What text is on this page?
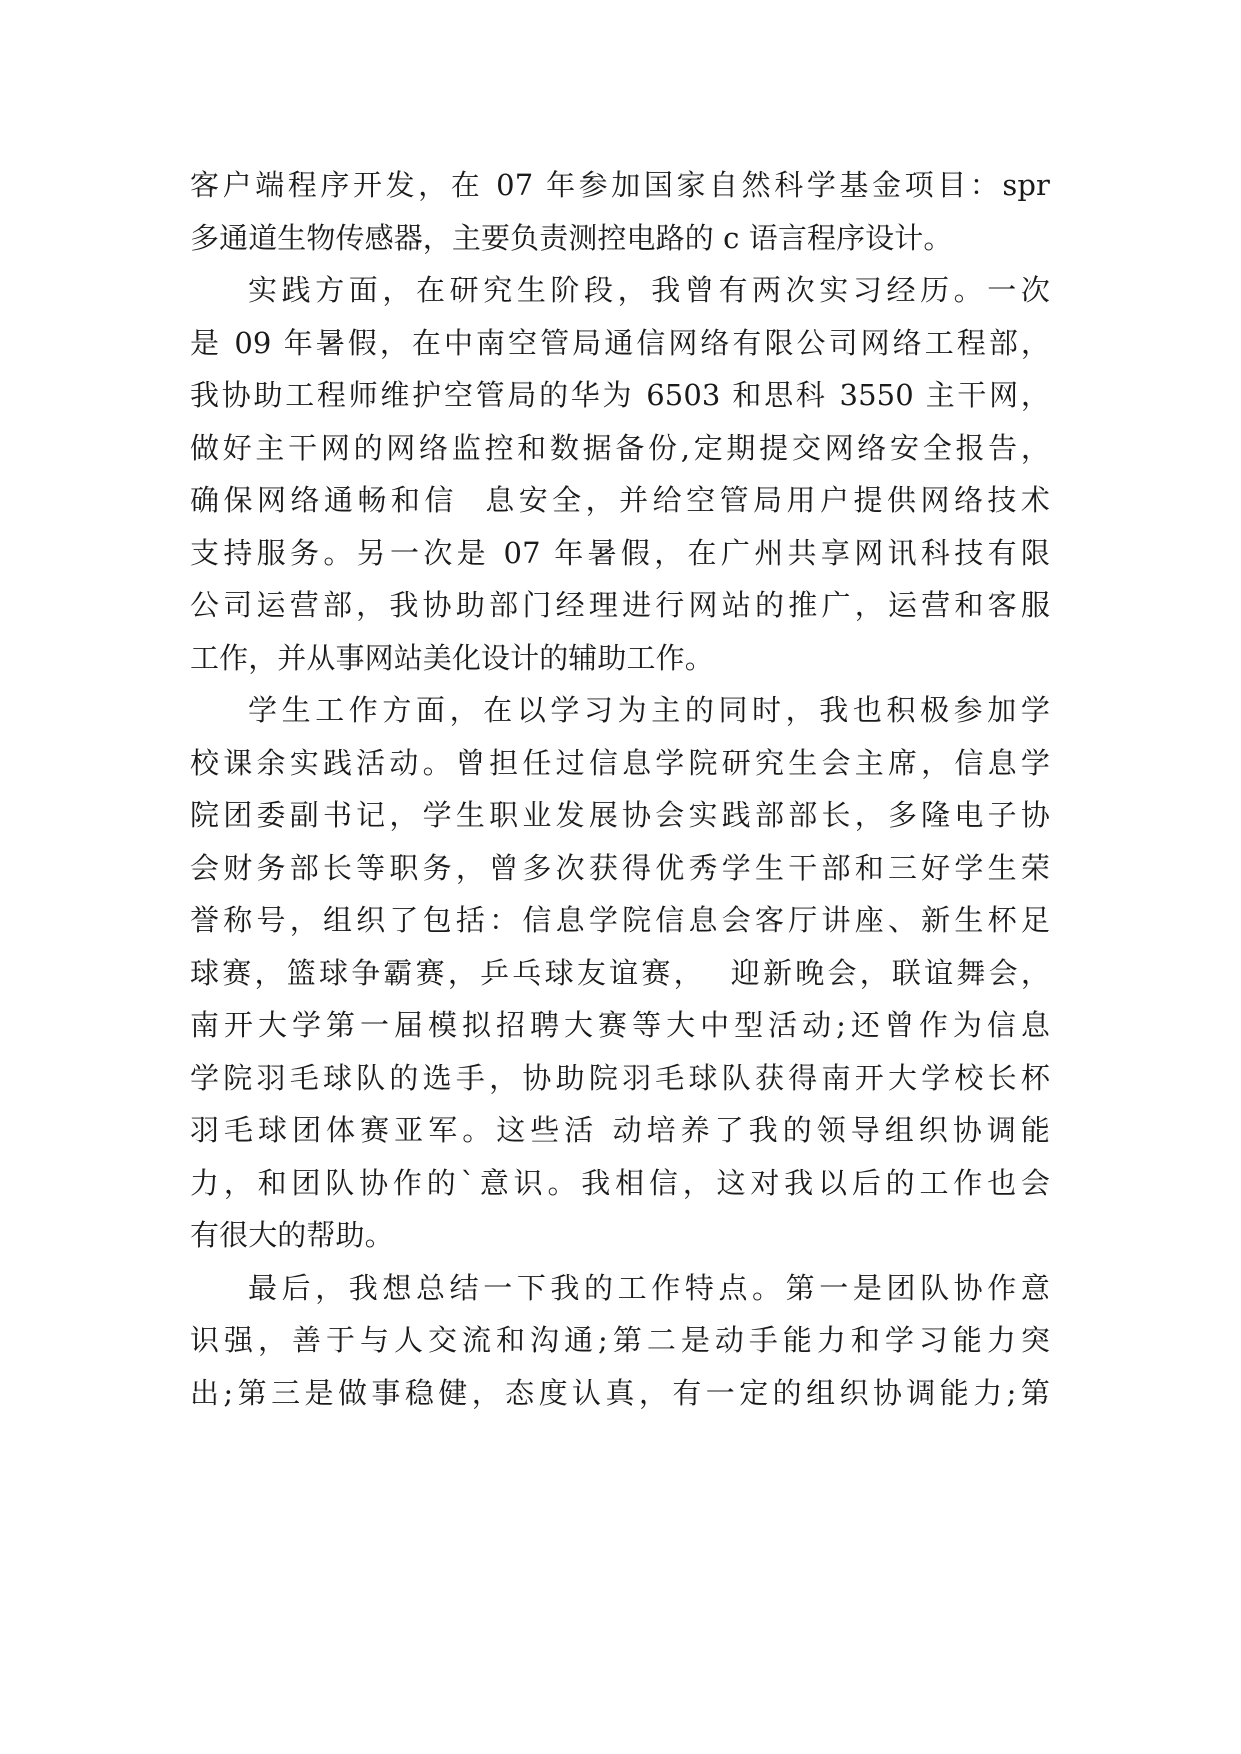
客户端程序开发，在 07 年参加国家自然科学基金项目：spr
多通道生物传感器，主要负责测控电路的 c 语言程序设计。
实践方面，在研究生阶段，我曾有两次实习经历。一次
是 09 年暑假，在中南空管局通信网络有限公司网络工程部，
我协助工程师维护空管局的华为 6503 和思科 3550 主干网，
做好主干网的网络监控和数据备份,定期提交网络安全报告，
确保网络通畅和信  息安全，并给空管局用户提供网络技术
支持服务。另一次是 07 年暑假，在广州共享网讯科技有限
公司运营部，我协助部门经理进行网站的推广，运营和客服
工作，并从事网站美化设计的辅助工作。
学生工作方面，在以学习为主的同时，我也积极参加学
校课余实践活动。曾担任过信息学院研究生会主席，信息学
院团委副书记，学生职业发展协会实践部部长，多隆电子协
会财务部长等职务，曾多次获得优秀学生干部和三好学生荣
誉称号，组织了包括：信息学院信息会客厅讲座、新生杯足
球赛，篮球争霸赛，乒乓球友谊赛，  迎新晚会，联谊舞会，
南开大学第一届模拟招聘大赛等大中型活动;还曾作为信息
学院羽毛球队的选手，协助院羽毛球队获得南开大学校长杯
羽毛球团体赛亚军。这些活 动培养了我的领导组织协调能
力，和团队协作的`意识。我相信，这对我以后的工作也会
有很大的帮助。
最后，我想总结一下我的工作特点。第一是团队协作意
识强，善于与人交流和沟通;第二是动手能力和学习能力突
出;第三是做事稳健，态度认真，有一定的组织协调能力;第
